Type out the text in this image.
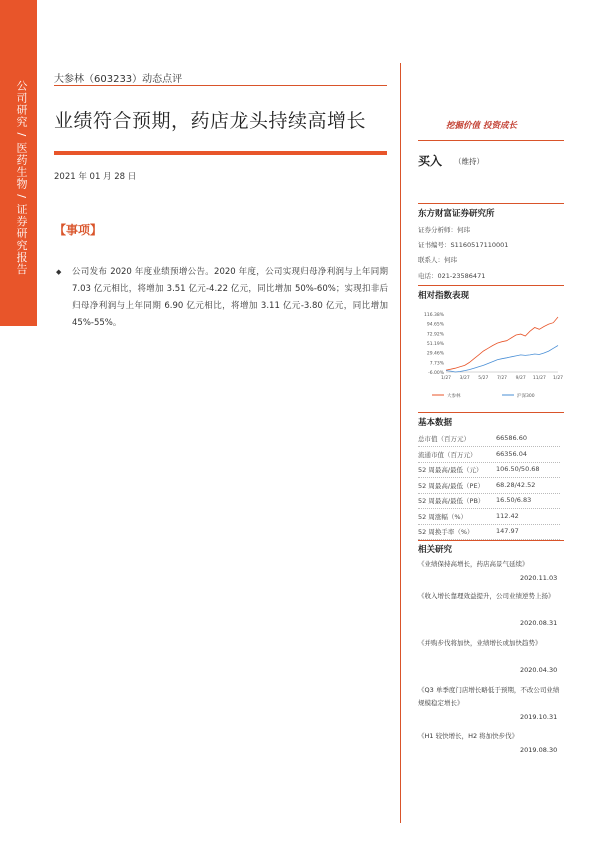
公司研究 / 医药生物 / 证券研究报告
大参林（603233）动态点评
业绩符合预期，药店龙头持续高增长
2021 年 01 月 28 日
【事项】
◆ 公司发布 2020 年度业绩预增公告。2020 年度，公司实现归母净利润与上年同期 7.03 亿元相比，将增加 3.51 亿元-4.22 亿元，同比增加 50%-60%；实现扣非后归母净利润与上年同期 6.90 亿元相比，将增加 3.11 亿元-3.80 亿元，同比增加 45%-55%。
挖掘价值 投资成长
买入 （维持）
东方财富证券研究所
证券分析师：何玮
证书编号：S1160517110001
联系人：何玮
电话：021-23586471
相对指数表现
116.38%
94.65%
72.92%
51.19%
29.46%
7.73%
-6.00%
1/27 3/27 5/27 7/27 9/27 11/27 1/27
大参林	沪深300
基本数据
总市值（百万元）	66586.60
流通市值（百万元）	66356.04
52 周最高/最低（元） 106.50/50.68
52 周最高/最低（PE） 68.28/42.52
52 周最高/最低（PB） 16.50/6.83
52 周涨幅（%）	112.42
52 周换手率（%）	147.97
相关研究
《业绩保持高增长，药店高景气延续》
2020.11.03
《收入增长靠理效益提升，公司业绩逆势上扬》
2020.08.31
《并购步伐将加快，业绩增长或加快趋势》
2020.04.30
《Q3 单季度门店增长略低于预期，不改公司业绩规模稳定增长》
2019.10.31
《H1 较快增长，H2 将加快步伐》
2019.08.30
